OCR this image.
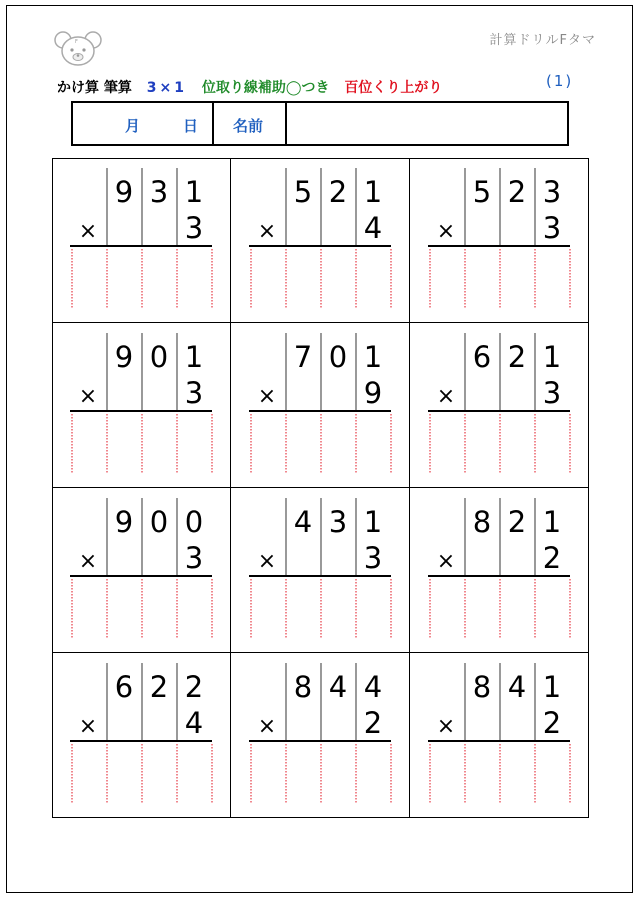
F	計算ドリルFタマ
かけ算 筆算 3×1 位取り線補助◯つき 百位くり上がり	(1)
月	日 名前
9 3 1
×	3
5 2 1
×	4
5 2 3
×	3
9 0 1
×	3
7 0 1
×	9
6 2 1
×	3
9 0 0
×	3
4 3 1
×	3
8 2 1
×	2
6 2 2
×	4
8 4 4
×	2
8 4 1
×	2
